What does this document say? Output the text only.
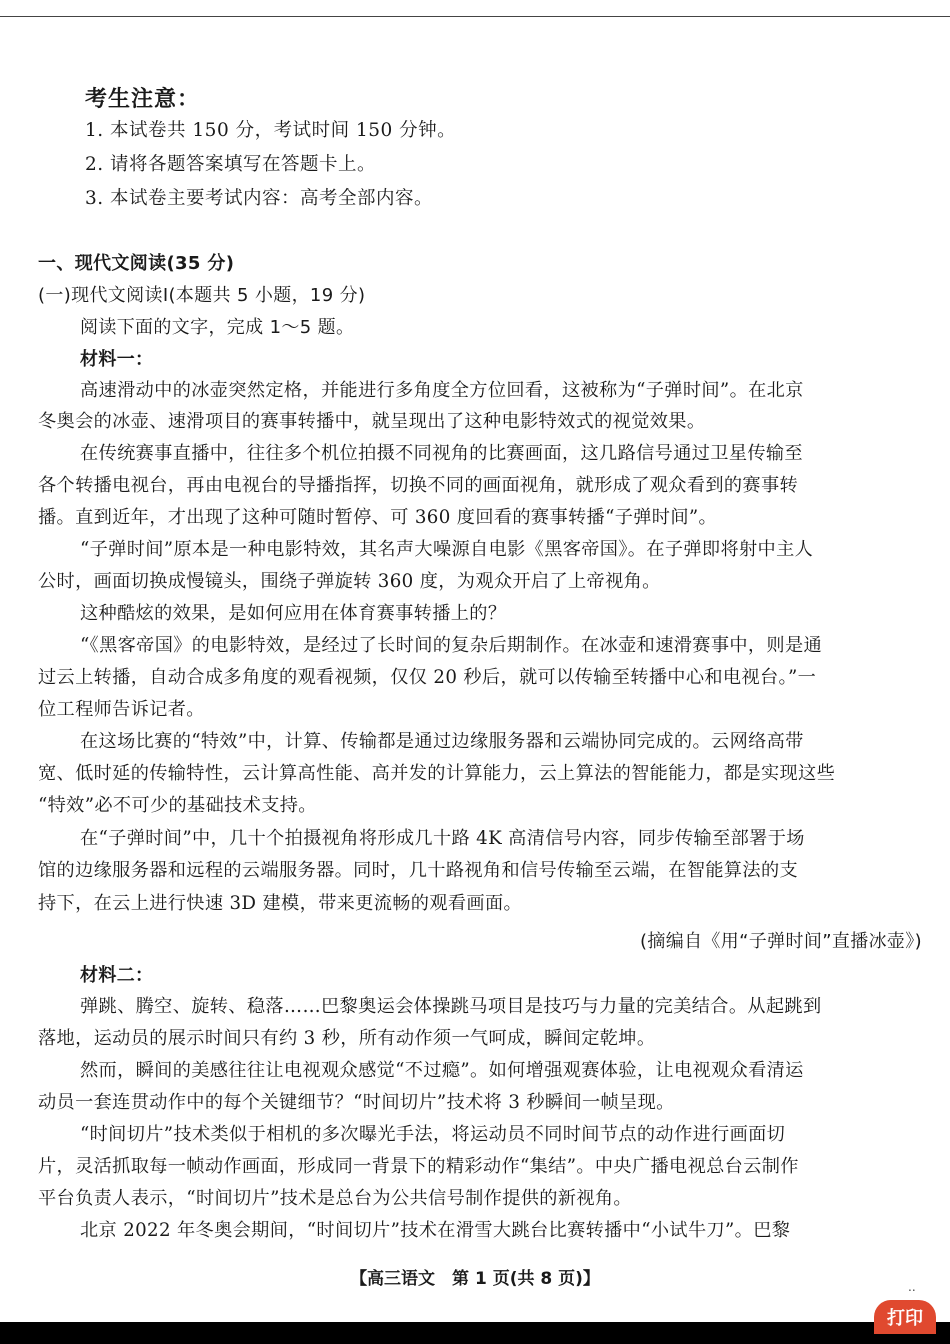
考生注意：
1. 本试卷共 150 分，考试时间 150 分钟。
2. 请将各题答案填写在答题卡上。
3. 本试卷主要考试内容：高考全部内容。
一、现代文阅读(35 分)
(一)现代文阅读Ⅰ(本题共 5 小题，19 分)
阅读下面的文字，完成 1～5 题。
材料一：
高速滑动中的冰壶突然定格，并能进行多角度全方位回看，这被称为“子弹时间”。在北京
冬奥会的冰壶、速滑项目的赛事转播中，就呈现出了这种电影特效式的视觉效果。
在传统赛事直播中，往往多个机位拍摄不同视角的比赛画面，这几路信号通过卫星传输至
各个转播电视台，再由电视台的导播指挥，切换不同的画面视角，就形成了观众看到的赛事转
播。直到近年，才出现了这种可随时暂停、可 360 度回看的赛事转播“子弹时间”。
“子弹时间”原本是一种电影特效，其名声大噪源自电影《黑客帝国》。在子弹即将射中主人
公时，画面切换成慢镜头，围绕子弹旋转 360 度，为观众开启了上帝视角。
这种酷炫的效果，是如何应用在体育赛事转播上的？
“《黑客帝国》的电影特效，是经过了长时间的复杂后期制作。在冰壶和速滑赛事中，则是通
过云上转播，自动合成多角度的观看视频，仅仅 20 秒后，就可以传输至转播中心和电视台。”一
位工程师告诉记者。
在这场比赛的“特效”中，计算、传输都是通过边缘服务器和云端协同完成的。云网络高带
宽、低时延的传输特性，云计算高性能、高并发的计算能力，云上算法的智能能力，都是实现这些
“特效”必不可少的基础技术支持。
在“子弹时间”中，几十个拍摄视角将形成几十路 4K 高清信号内容，同步传输至部署于场
馆的边缘服务器和远程的云端服务器。同时，几十路视角和信号传输至云端，在智能算法的支
持下，在云上进行快速 3D 建模，带来更流畅的观看画面。
(摘编自《用“子弹时间”直播冰壶》)
材料二：
弹跳、腾空、旋转、稳落……巴黎奥运会体操跳马项目是技巧与力量的完美结合。从起跳到
落地，运动员的展示时间只有约 3 秒，所有动作须一气呵成，瞬间定乾坤。
然而，瞬间的美感往往让电视观众感觉“不过瘾”。如何增强观赛体验，让电视观众看清运
动员一套连贯动作中的每个关键细节？“时间切片”技术将 3 秒瞬间一帧呈现。
“时间切片”技术类似于相机的多次曝光手法，将运动员不同时间节点的动作进行画面切
片，灵活抓取每一帧动作画面，形成同一背景下的精彩动作“集结”。中央广播电视总台云制作
平台负责人表示，“时间切片”技术是总台为公共信号制作提供的新视角。
北京 2022 年冬奥会期间，“时间切片”技术在滑雪大跳台比赛转播中“小试牛刀”。巴黎
【高三语文　第 1 页(共 8 页)】	..
打印
